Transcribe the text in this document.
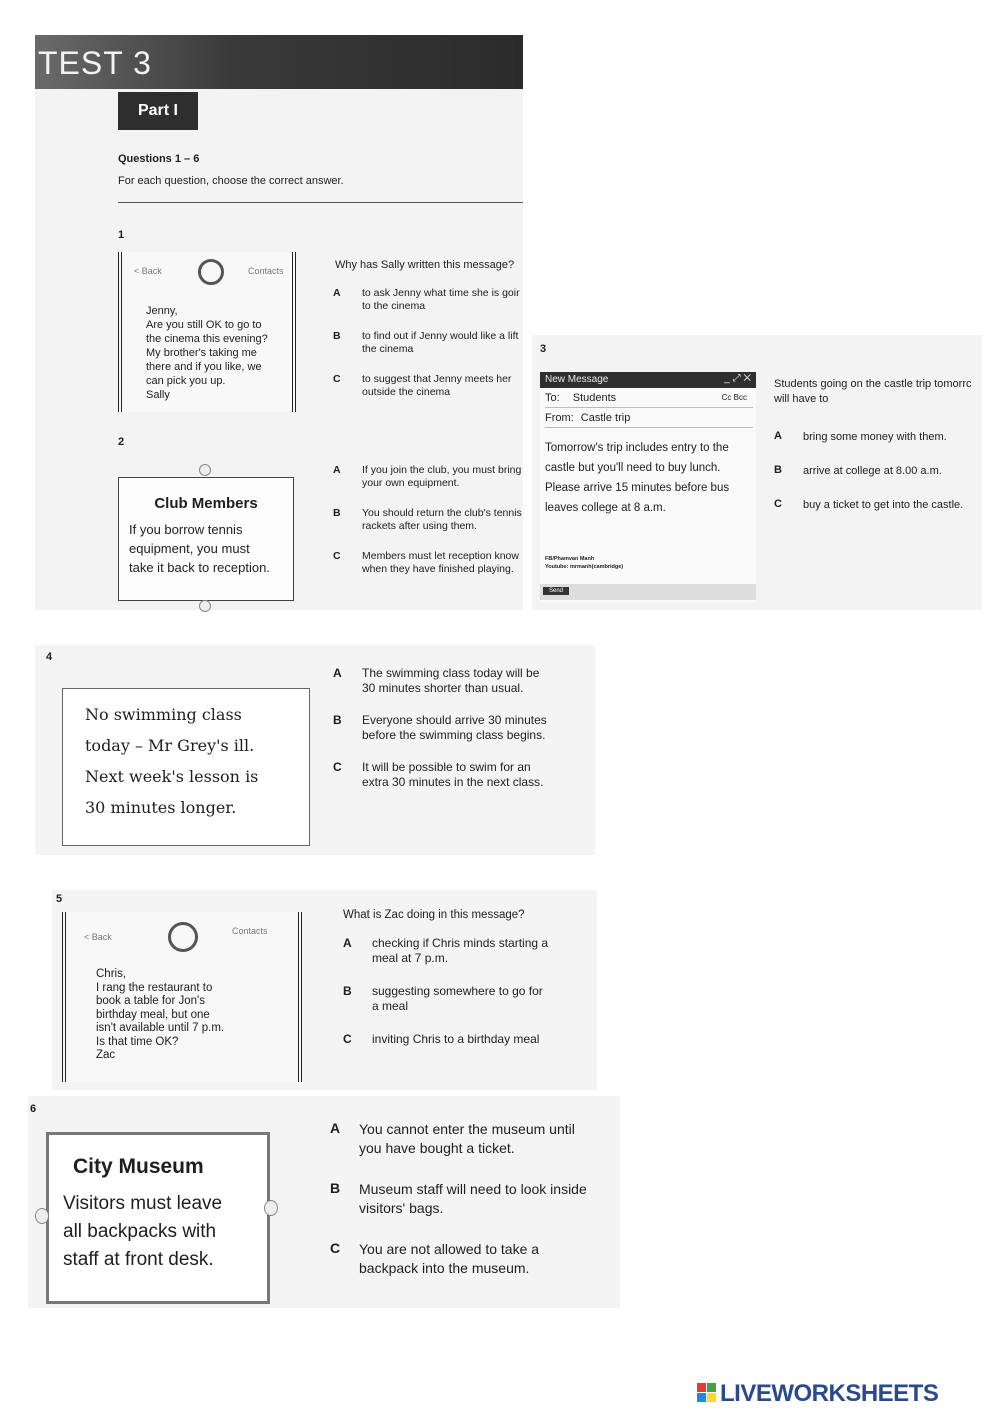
TEST 3
Part I
Questions 1 – 6
For each question, choose the correct answer.
1
< Back	Contacts
Jenny,
Are you still OK to go to
the cinema this evening?
My brother's taking me
there and if you like, we
can pick you up.
Sally
Why has Sally written this message?
A to ask Jenny what time she is goir
to the cinema
B to find out if Jenny would like a lift
the cinema
C to suggest that Jenny meets her
outside the cinema
2
Club Members
If you borrow tennis
equipment, you must
take it back to reception.
A If you join the club, you must bring
your own equipment.
B You should return the club's tennis
rackets after using them.
C Members must let reception know
when they have finished playing.
3
New Message	_ ⤢ ✕
To: Students	Cc Bcc
From: Castle trip
Tomorrow's trip includes entry to the
castle but you'll need to buy lunch.
Please arrive 15 minutes before bus
leaves college at 8 a.m.
FB/Phamvan Manh
Youtube: mrmanh(cambridge)
Send
Students going on the castle trip tomorrc
will have to
A bring some money with them.
B arrive at college at 8.00 a.m.
C buy a ticket to get into the castle.
4
No swimming class
today – Mr Grey's ill.
Next week's lesson is
30 minutes longer.
A The swimming class today will be
30 minutes shorter than usual.
B Everyone should arrive 30 minutes
before the swimming class begins.
C It will be possible to swim for an
extra 30 minutes in the next class.
5
< Back
Contacts
Chris,
I rang the restaurant to
book a table for Jon's
birthday meal, but one
isn't available until 7 p.m.
Is that time OK?
Zac
What is Zac doing in this message?
A checking if Chris minds starting a
meal at 7 p.m.
B suggesting somewhere to go for
a meal
C inviting Chris to a birthday meal
6
City Museum
Visitors must leave
all backpacks with
staff at front desk.
A You cannot enter the museum until
you have bought a ticket.
B Museum staff will need to look inside
visitors' bags.
C You are not allowed to take a
backpack into the museum.
LIVEWORKSHEETS
